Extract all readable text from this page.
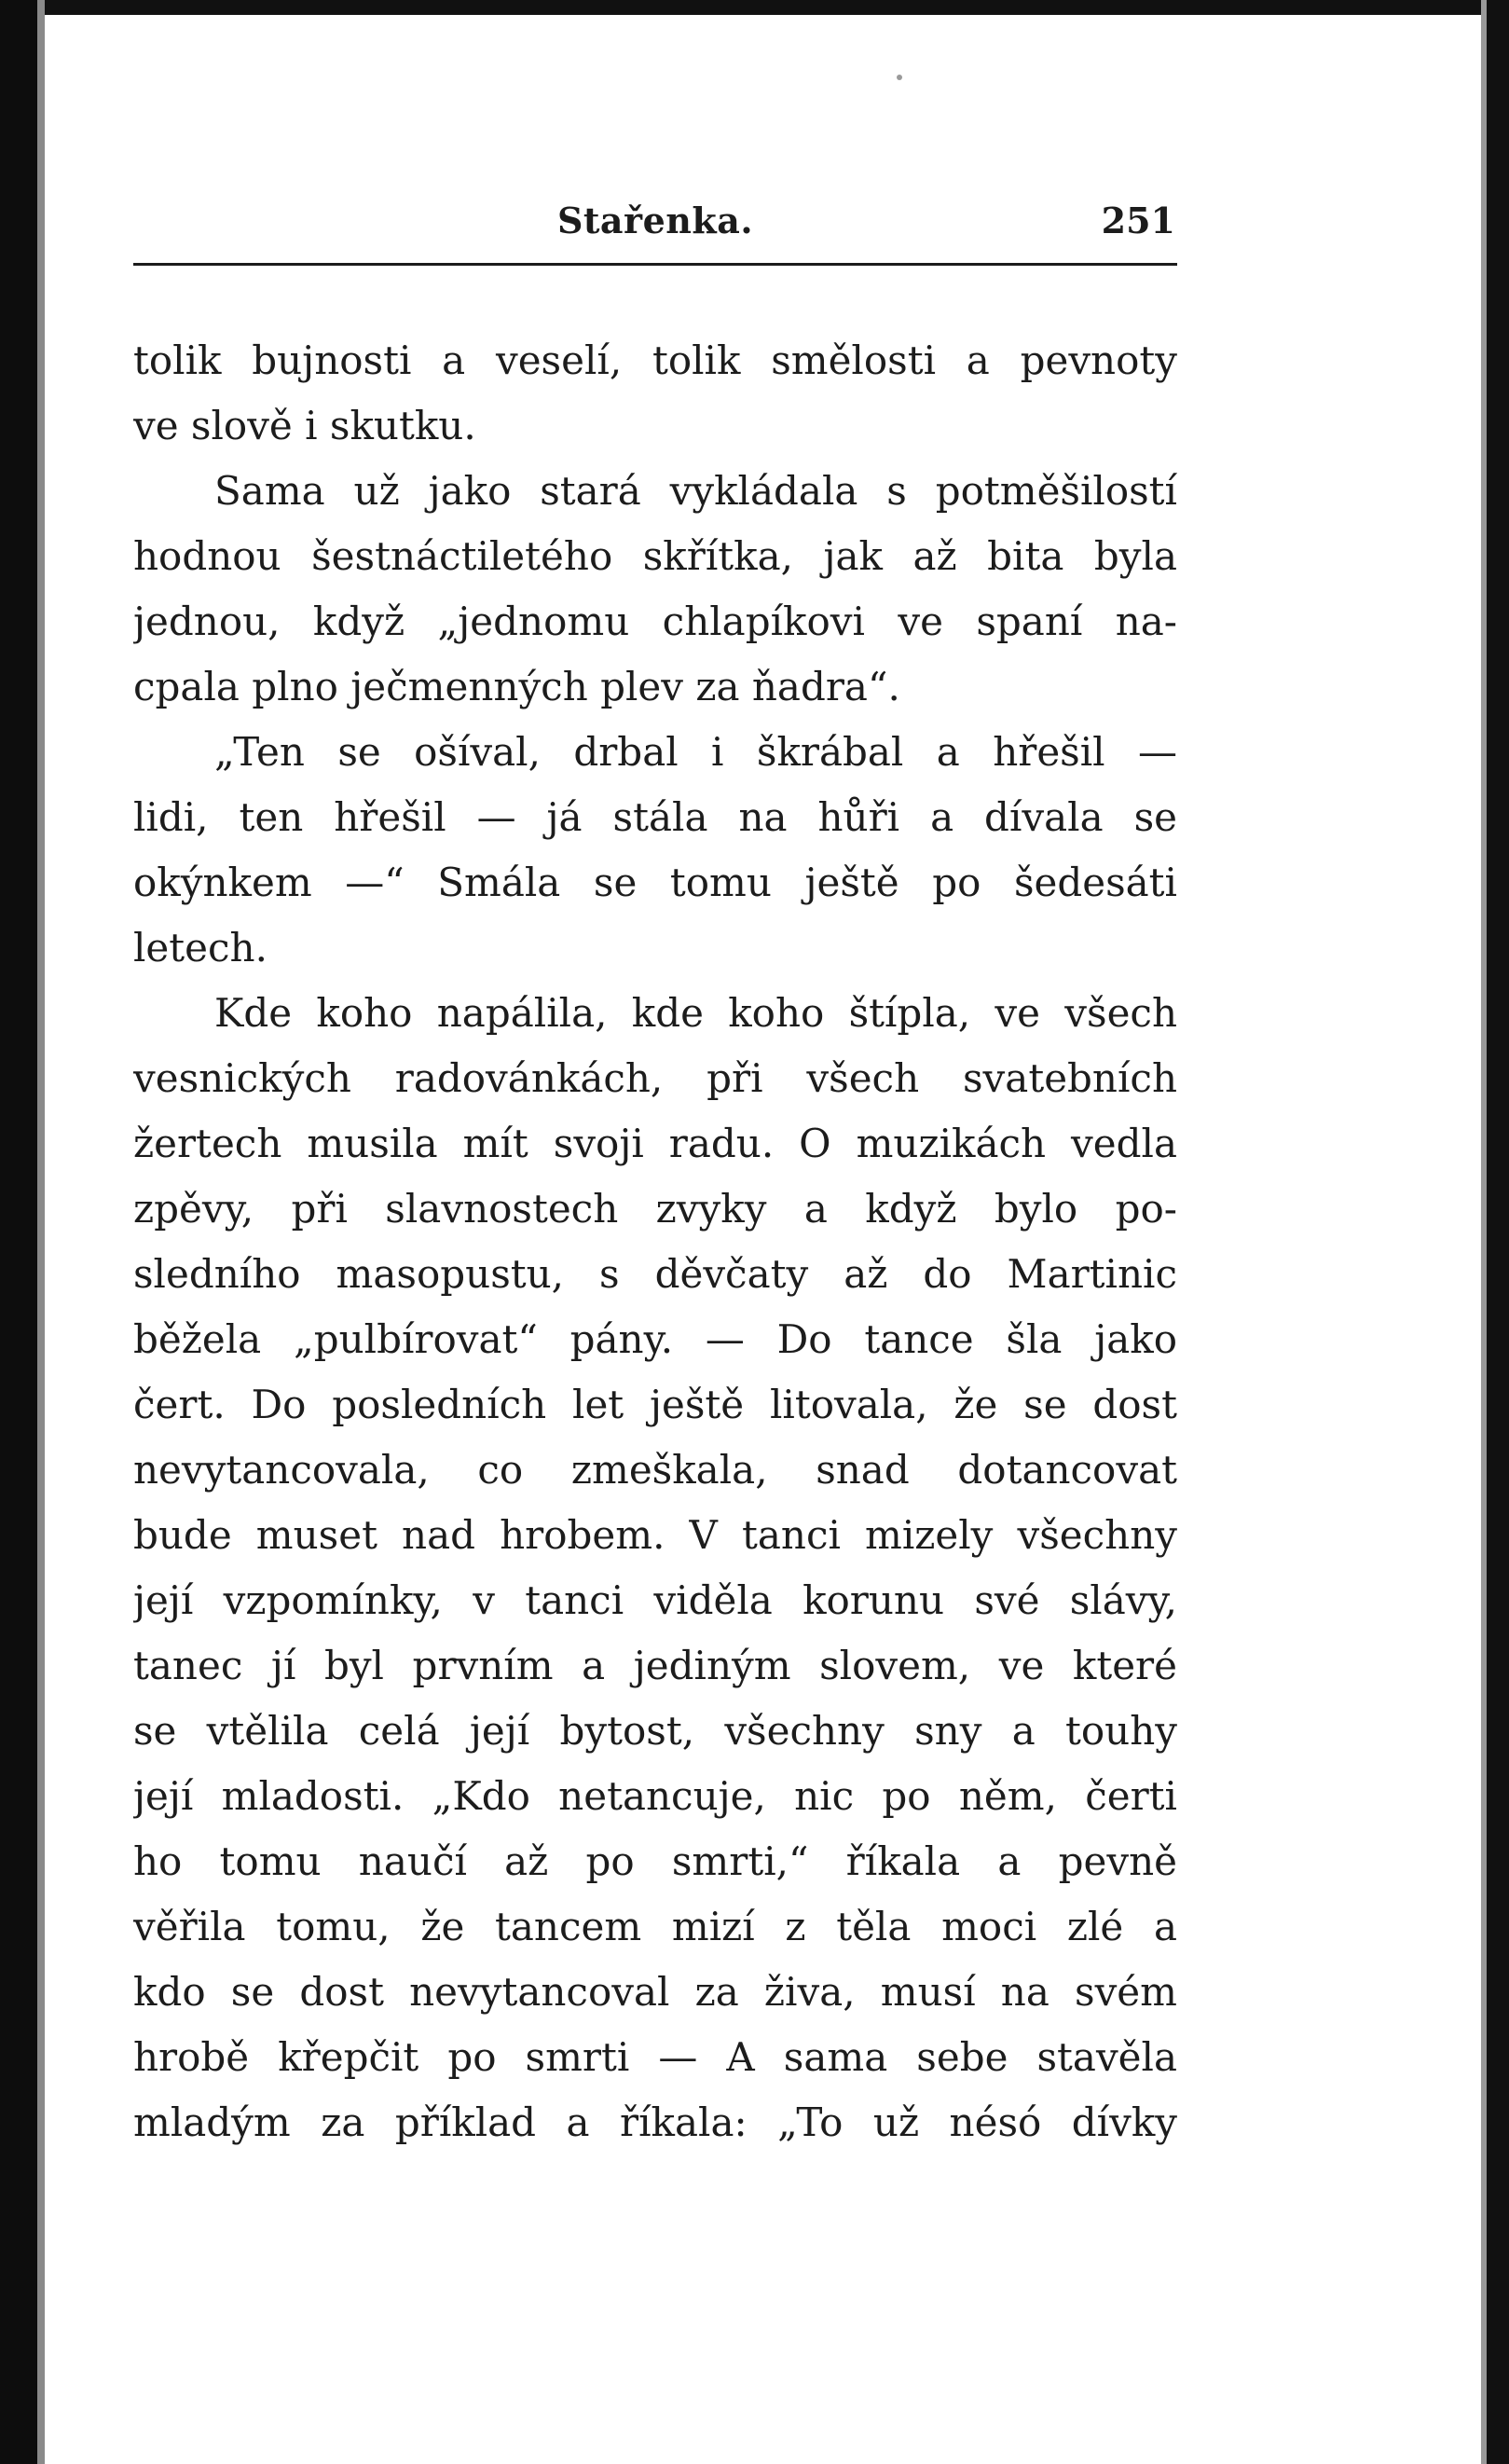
Stařenka.	251
tolik bujnosti a veselí, tolik smělosti a pevnoty
ve slově i skutku.
Sama už jako stará vykládala s potměšilostí
hodnou šestnáctiletého skřítka, jak až bita byla
jednou, když „jednomu chlapíkovi ve spaní na-
cpala plno ječmenných plev za ňadra“.
„Ten se ošíval, drbal i škrábal a hřešil —
lidi, ten hřešil — já stála na hůři a dívala se
okýnkem —“ Smála se tomu ještě po šedesáti
letech.
Kde koho napálila, kde koho štípla, ve všech
vesnických radovánkách, při všech svatebních
žertech musila mít svoji radu. O muzikách vedla
zpěvy, při slavnostech zvyky a když bylo po-
sledního masopustu, s děvčaty až do Martinic
běžela „pulbírovat“ pány. — Do tance šla jako
čert. Do posledních let ještě litovala, že se dost
nevytancovala, co zmeškala, snad dotancovat
bude muset nad hrobem. V tanci mizely všechny
její vzpomínky, v tanci viděla korunu své slávy,
tanec jí byl prvním a jediným slovem, ve které
se vtělila celá její bytost, všechny sny a touhy
její mladosti. „Kdo netancuje, nic po něm, čerti
ho tomu naučí až po smrti,“ říkala a pevně
věřila tomu, že tancem mizí z těla moci zlé a
kdo se dost nevytancoval za živa, musí na svém
hrobě křepčit po smrti — A sama sebe stavěla
mladým za příklad a říkala: „To už nésó dívky
